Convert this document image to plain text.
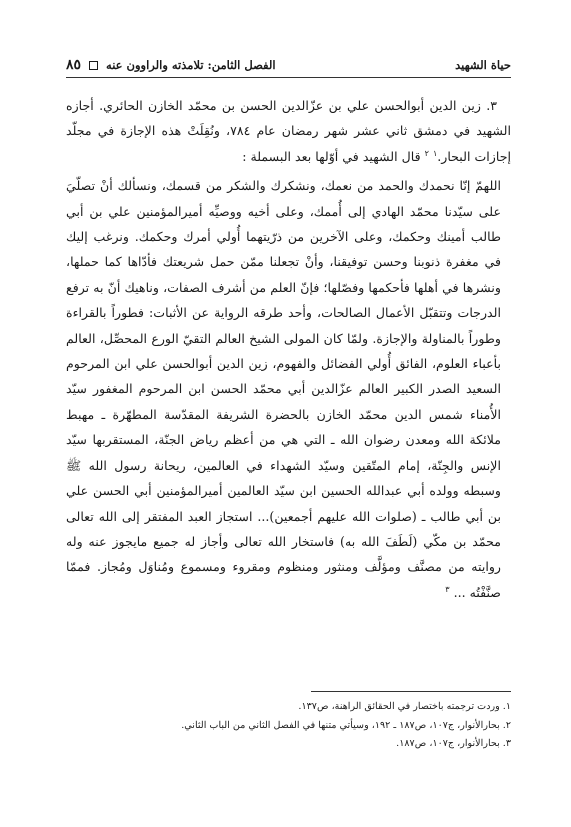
حياة الشهيد
الفصل الثامن: تلامذته والراوون عنه
٨٥

٣. زين الدين أبوالحسن علي بن عزّالدين الحسن بن محمّد الخازن الحائري. أجازه الشهيد في دمشق ثاني عشر شهر رمضان عام ٧٨٤، ونُقِلَتْ هذه الإجازة في مجلّد إجازات البحار.$^١$ $^٢$ قال الشهيد في أوّلها بعد البسملة :

اللهمّ إنّا نحمدك والحمد من نعمك، ونشكرك والشكر من قسمك، ونسألك أنْ تصلّيَ على سيّدنا محمّد الهادي إلى أُممك، وعلى أخيه ووصيِّه أميرالمؤمنين علي بن أبي طالب أمينك وحكمك، وعلى الآخرين من ذرّيتهما أُولي أمرك وحكمك. ونرغب إليك في مغفرة ذنوبنا وحسن توفيقنا، وأنْ تجعلنا ممّن حمل شريعتك فأدّاها كما حملها، ونشرها في أهلها فأحكمها وفصّلها؛ فإنّ العلم من أشرف الصفات، وناهيك أنّ به ترفع الدرجات وتتقبّل الأعمال الصالحات، وأحد طرقه الرواية عن الأثبات: فطوراً بالقراءة وطوراً بالمناولة والإجازة. ولمّا كان المولى الشيخ العالم التقيّ الورع المحصِّل، العالم بأعباء العلوم، الفائق أُولي الفضائل والفهوم، زين الدين أبوالحسن علي ابن المرحوم السعيد الصدر الكبير العالم عزّالدين أبي محمّد الحسن ابن المرحوم المغفور سيّد الأُمناء شمس الدين محمّد الخازن بالحضرة الشريفة المقدّسة المطهّرة ـ مهبط ملائكة الله ومعدن رضوان الله ـ التي هي من أعظم رياض الجنّة، المستقربها سيّد الإنس والجِنّة، إمام المتّقين وسيّد الشهداء في العالمين، ريحانة رسول الله ﷺ وسبطه وولده أبي عبدالله الحسين ابن سيّد العالمين أميرالمؤمنين أبي الحسن علي بن أبي طالب ـ (صلوات الله عليهم أجمعين)... استجاز العبد المفتقر إلى الله تعالى محمّد بن مكّي (لَطَفَ الله به) فاستخار الله تعالى وأجاز له جميع مايجوز عنه وله روايته من مصنَّف ومؤلَّف ومنثور ومنظوم ومقروء ومسموع ومُناوَل ومُجاز. فممّا صنَّفْتُه ... $^٣$

١. وردت ترجمته باختصار في الحقائق الراهنة، ص١٣٧.

٢. بحارالأنوار، ج١٠٧، ص١٨٧ ـ ١٩٢، وسيأتي متنها في الفصل الثاني من الباب الثاني.

٣. بحارالأنوار، ج١٠٧، ص١٨٧.
